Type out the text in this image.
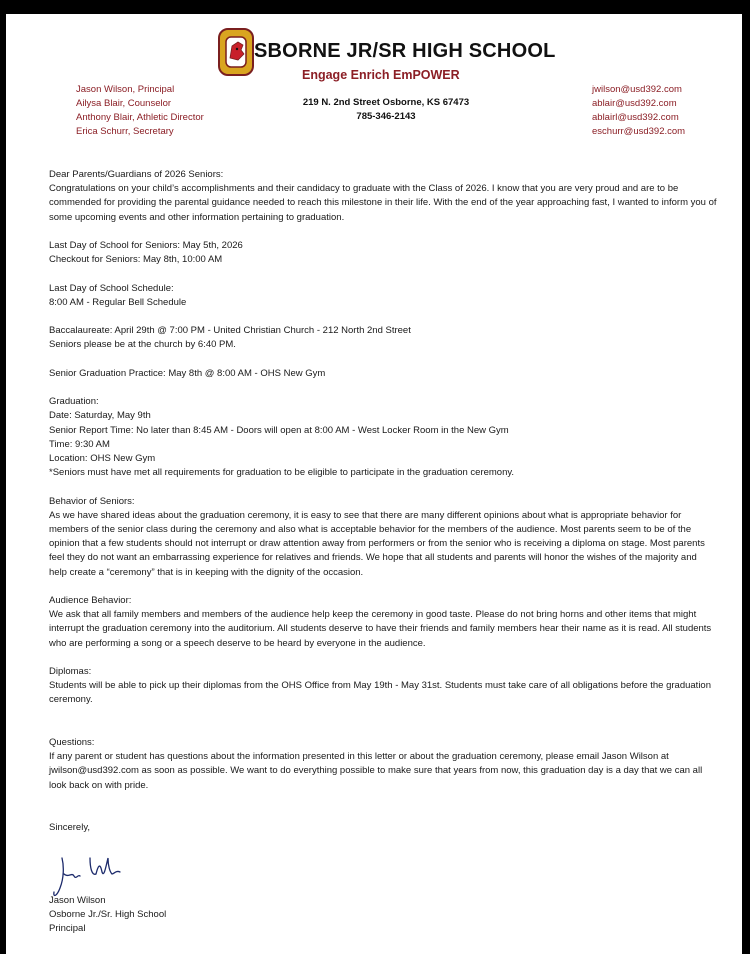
SBORNE JR/SR HIGH SCHOOL
Engage Enrich EmPOWER
Jason Wilson, Principal
Ailysa Blair, Counselor
Anthony Blair, Athletic Director
Erica Schurr, Secretary
219 N. 2nd Street Osborne, KS 67473
785-346-2143
jwilson@usd392.com
ablair@usd392.com
ablairl@usd392.com
eschurr@usd392.com

Dear Parents/Guardians of 2026 Seniors:

Congratulations on your child’s accomplishments and their candidacy to graduate with the Class of 2026. I know that you are very proud and are to be commended for providing the parental guidance needed to reach this milestone in their life. With the end of the year approaching fast, I wanted to inform you of some upcoming events and other information pertaining to graduation.

Last Day of School for Seniors: May 5th, 2026

Checkout for Seniors: May 8th, 10:00 AM

Last Day of School Schedule:

8:00 AM - Regular Bell Schedule

Baccalaureate: April 29th @ 7:00 PM - United Christian Church - 212 North 2nd Street

Seniors please be at the church by 6:40 PM.

Senior Graduation Practice: May 8th @ 8:00 AM - OHS New Gym

Graduation:

Date: Saturday, May 9th

Senior Report Time: No later than 8:45 AM - Doors will open at 8:00 AM - West Locker Room in the New Gym

Time: 9:30 AM

Location: OHS New Gym

*Seniors must have met all requirements for graduation to be eligible to participate in the graduation ceremony.

Behavior of Seniors:

As we have shared ideas about the graduation ceremony, it is easy to see that there are many different opinions about what is appropriate behavior for members of the senior class during the ceremony and also what is acceptable behavior for the members of the audience. Most parents seem to be of the opinion that a few students should not interrupt or draw attention away from performers or from the senior who is receiving a diploma on stage. Most parents feel they do not want an embarrassing experience for relatives and friends. We hope that all students and parents will honor the wishes of the majority and help create a “ceremony” that is in keeping with the dignity of the occasion.

Audience Behavior:

We ask that all family members and members of the audience help keep the ceremony in good taste. Please do not bring horns and other items that might interrupt the graduation ceremony into the auditorium. All students deserve to have their friends and family members hear their name as it is read. All students who are performing a song or a speech deserve to be heard by everyone in the audience.

Diplomas:

Students will be able to pick up their diplomas from the OHS Office from May 19th - May 31st. Students must take care of all obligations before the graduation ceremony.

Questions:

If any parent or student has questions about the information presented in this letter or about the graduation ceremony, please email Jason Wilson at jwilson@usd392.com as soon as possible. We want to do everything possible to make sure that years from now, this graduation day is a day that we can all look back on with pride.

Sincerely,

Jason Wilson
Osborne Jr./Sr. High School
Principal
